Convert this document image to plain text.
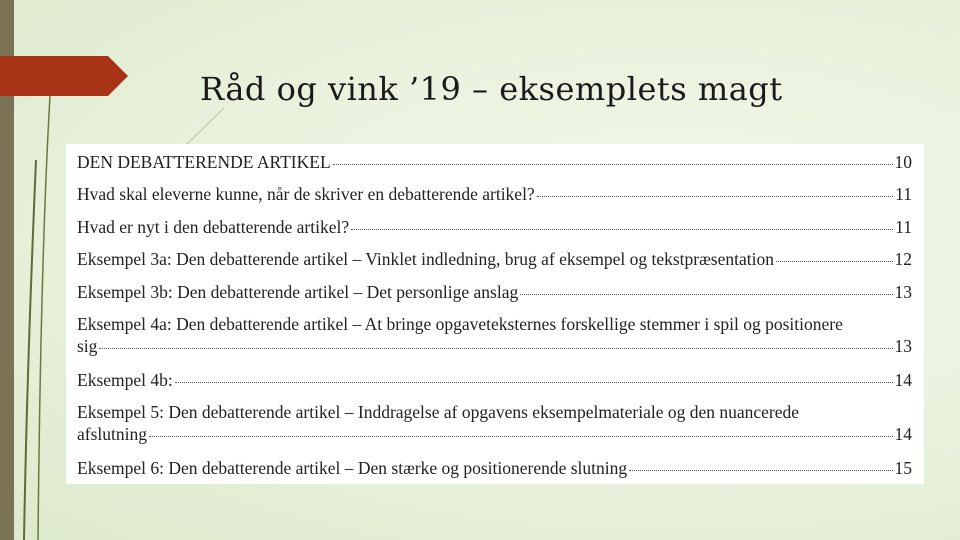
Råd og vink ’19 – eksemplets magt
DEN DEBATTERENDE ARTIKEL	10
Hvad skal eleverne kunne, når de skriver en debatterende artikel?	11
Hvad er nyt i den debatterende artikel?	11
Eksempel 3a: Den debatterende artikel – Vinklet indledning, brug af eksempel og tekstpræsentation	12
Eksempel 3b: Den debatterende artikel – Det personlige anslag	13
Eksempel 4a: Den debatterende artikel – At bringe opgaveteksternes forskellige stemmer i spil og positionere
sig	13
Eksempel 4b:	14
Eksempel 5: Den debatterende artikel – Inddragelse af opgavens eksempelmateriale og den nuancerede
afslutning	14
Eksempel 6: Den debatterende artikel – Den stærke og positionerende slutning	15
